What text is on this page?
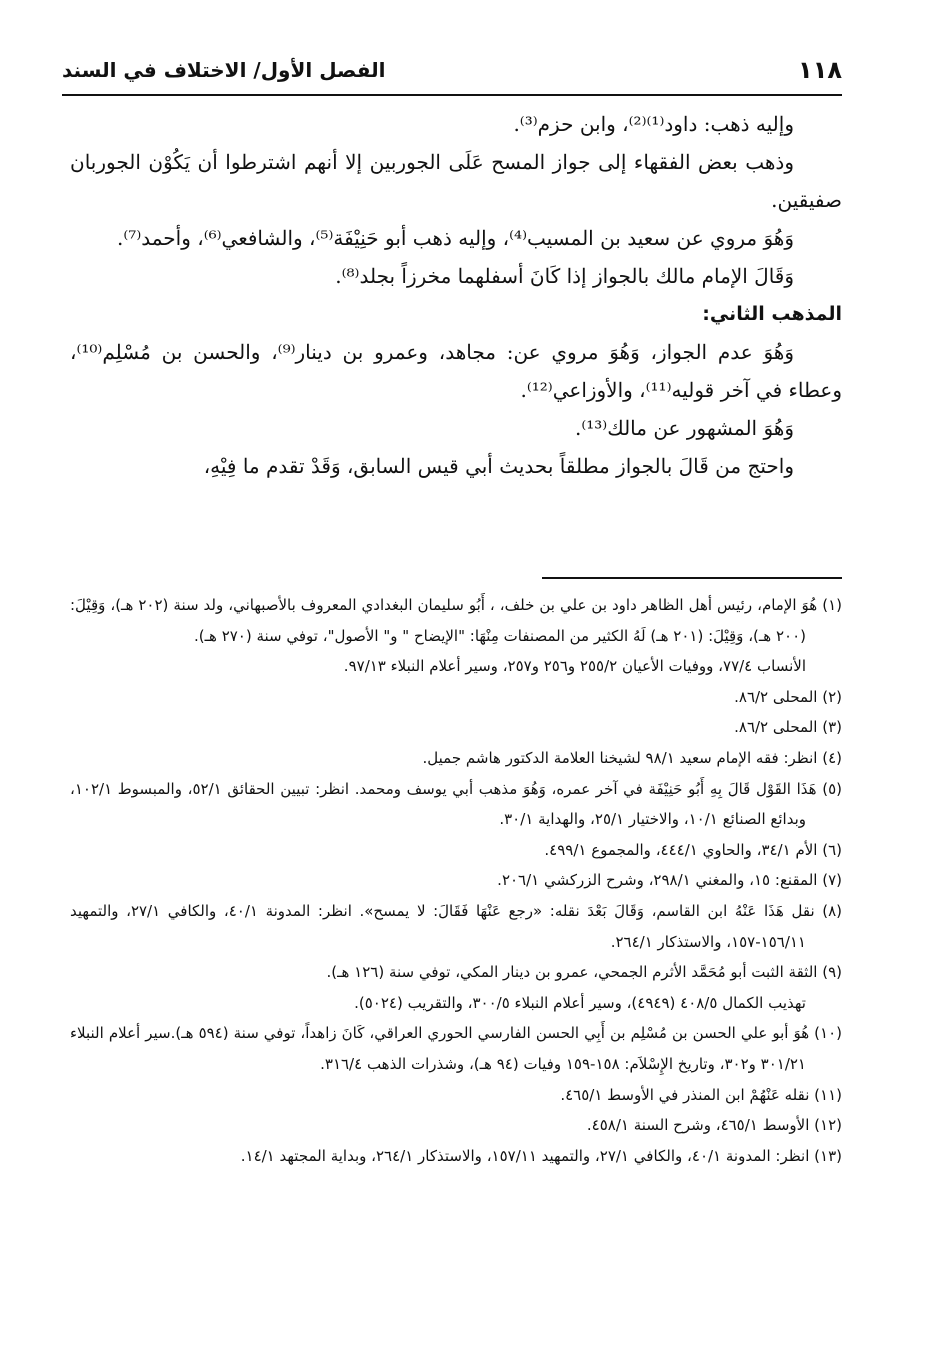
١١٨
الفصل الأول/ الاختلاف في السند

وإليه ذهب: داود⁽¹⁾⁽²⁾، وابن حزم⁽³⁾.

وذهب بعض الفقهاء إلى جواز المسح عَلَى الجوربين إلا أنهم اشترطوا أن يَكُوْن الجوربان صفيقين.

وَهُوَ مروي عن سعيد بن المسيب⁽⁴⁾، وإليه ذهب أبو حَنِيْفَة⁽⁵⁾، والشافعي⁽⁶⁾، وأحمد⁽⁷⁾.

وَقَالَ الإمام مالك بالجواز إذا كَانَ أسفلهما مخرزاً بجلد⁽⁸⁾.

المذهب الثاني:

وَهُوَ عدم الجواز، وَهُوَ مروي عن: مجاهد، وعمرو بن دينار⁽⁹⁾، والحسن بن مُسْلِم⁽¹⁰⁾، وعطاء في آخر قوليه⁽¹¹⁾، والأوزاعي⁽¹²⁾.

وَهُوَ المشهور عن مالك⁽¹³⁾.

واحتج من قَالَ بالجواز مطلقاً بحديث أبي قيس السابق، وَقَدْ تقدم ما فِيْهِ،

(١) هُوَ الإمام، رئيس أهل الظاهر داود بن علي بن خلف، ، أَبُو سليمان البغدادي المعروف بالأصبهاني، ولد سنة (٢٠٢ هـ)، وَقِيْلَ: (٢٠٠ هـ)، وَقِيْلَ: (٢٠١ هـ) لَهُ الكثير من المصنفات مِنْهَا: "الإيضاح " و" الأصول"، توفي سنة (٢٧٠ هـ).

الأنساب ٧٧/٤، ووفيات الأعيان ٢٥٥/٢ و٢٥٦ و٢٥٧، وسير أعلام النبلاء ٩٧/١٣.

(٢) المحلى ٨٦/٢.

(٣) المحلى ٨٦/٢.

(٤) انظر: فقه الإمام سعيد ٩٨/١ لشيخنا العلامة الدكتور هاشم جميل.

(٥) هَذَا القَوْل قَالَ بِهِ أَبُو حَنِيْفَة في آخر عمره، وَهُوَ مذهب أبي يوسف ومحمد. انظر: تبيين الحقائق ٥٢/١، والمبسوط ١٠٢/١، وبدائع الصنائع ١٠/١، والاختيار ٢٥/١، والهداية ٣٠/١.

(٦) الأم ٣٤/١، والحاوي ٤٤٤/١، والمجموع ٤٩٩/١.

(٧) المقنع: ١٥، والمغني ٢٩٨/١، وشرح الزركشي ٢٠٦/١.

(٨) نقل هَذَا عَنْهُ ابن القاسم، وَقَالَ بَعْدَ نقله: «رجع عَنْهَا فَقَالَ: لا يمسح». انظر: المدونة ٤٠/١، والكافي ٢٧/١، والتمهيد ١٥٦/١١-١٥٧، والاستذكار ٢٦٤/١.

(٩) الثقة الثبت أبو مُحَمَّد الأثرم الجمحي، عمرو بن دينار المكي، توفي سنة (١٢٦ هـ).

تهذيب الكمال ٤٠٨/٥ (٤٩٤٩)، وسير أعلام النبلاء ٣٠٠/٥، والتقريب (٥٠٢٤).

(١٠) هُوَ أبو علي الحسن بن مُسْلِم بن أَبِي الحسن الفارسي الحوري العراقي، كَانَ زاهداً، توفي سنة (٥٩٤ هـ).سير أعلام النبلاء ٣٠١/٢١ و٣٠٢، وتاريخ الإِسْلاَم: ١٥٨-١٥٩ وفيات (٩٤ هـ)، وشذرات الذهب ٣١٦/٤.

(١١) نقله عَنْهُمْ ابن المنذر في الأوسط ٤٦٥/١.

(١٢) الأوسط ٤٦٥/١، وشرح السنة ٤٥٨/١.

(١٣) انظر: المدونة ٤٠/١، والكافي ٢٧/١، والتمهيد ١٥٧/١١، والاستذكار ٢٦٤/١، وبداية المجتهد ١٤/١.
